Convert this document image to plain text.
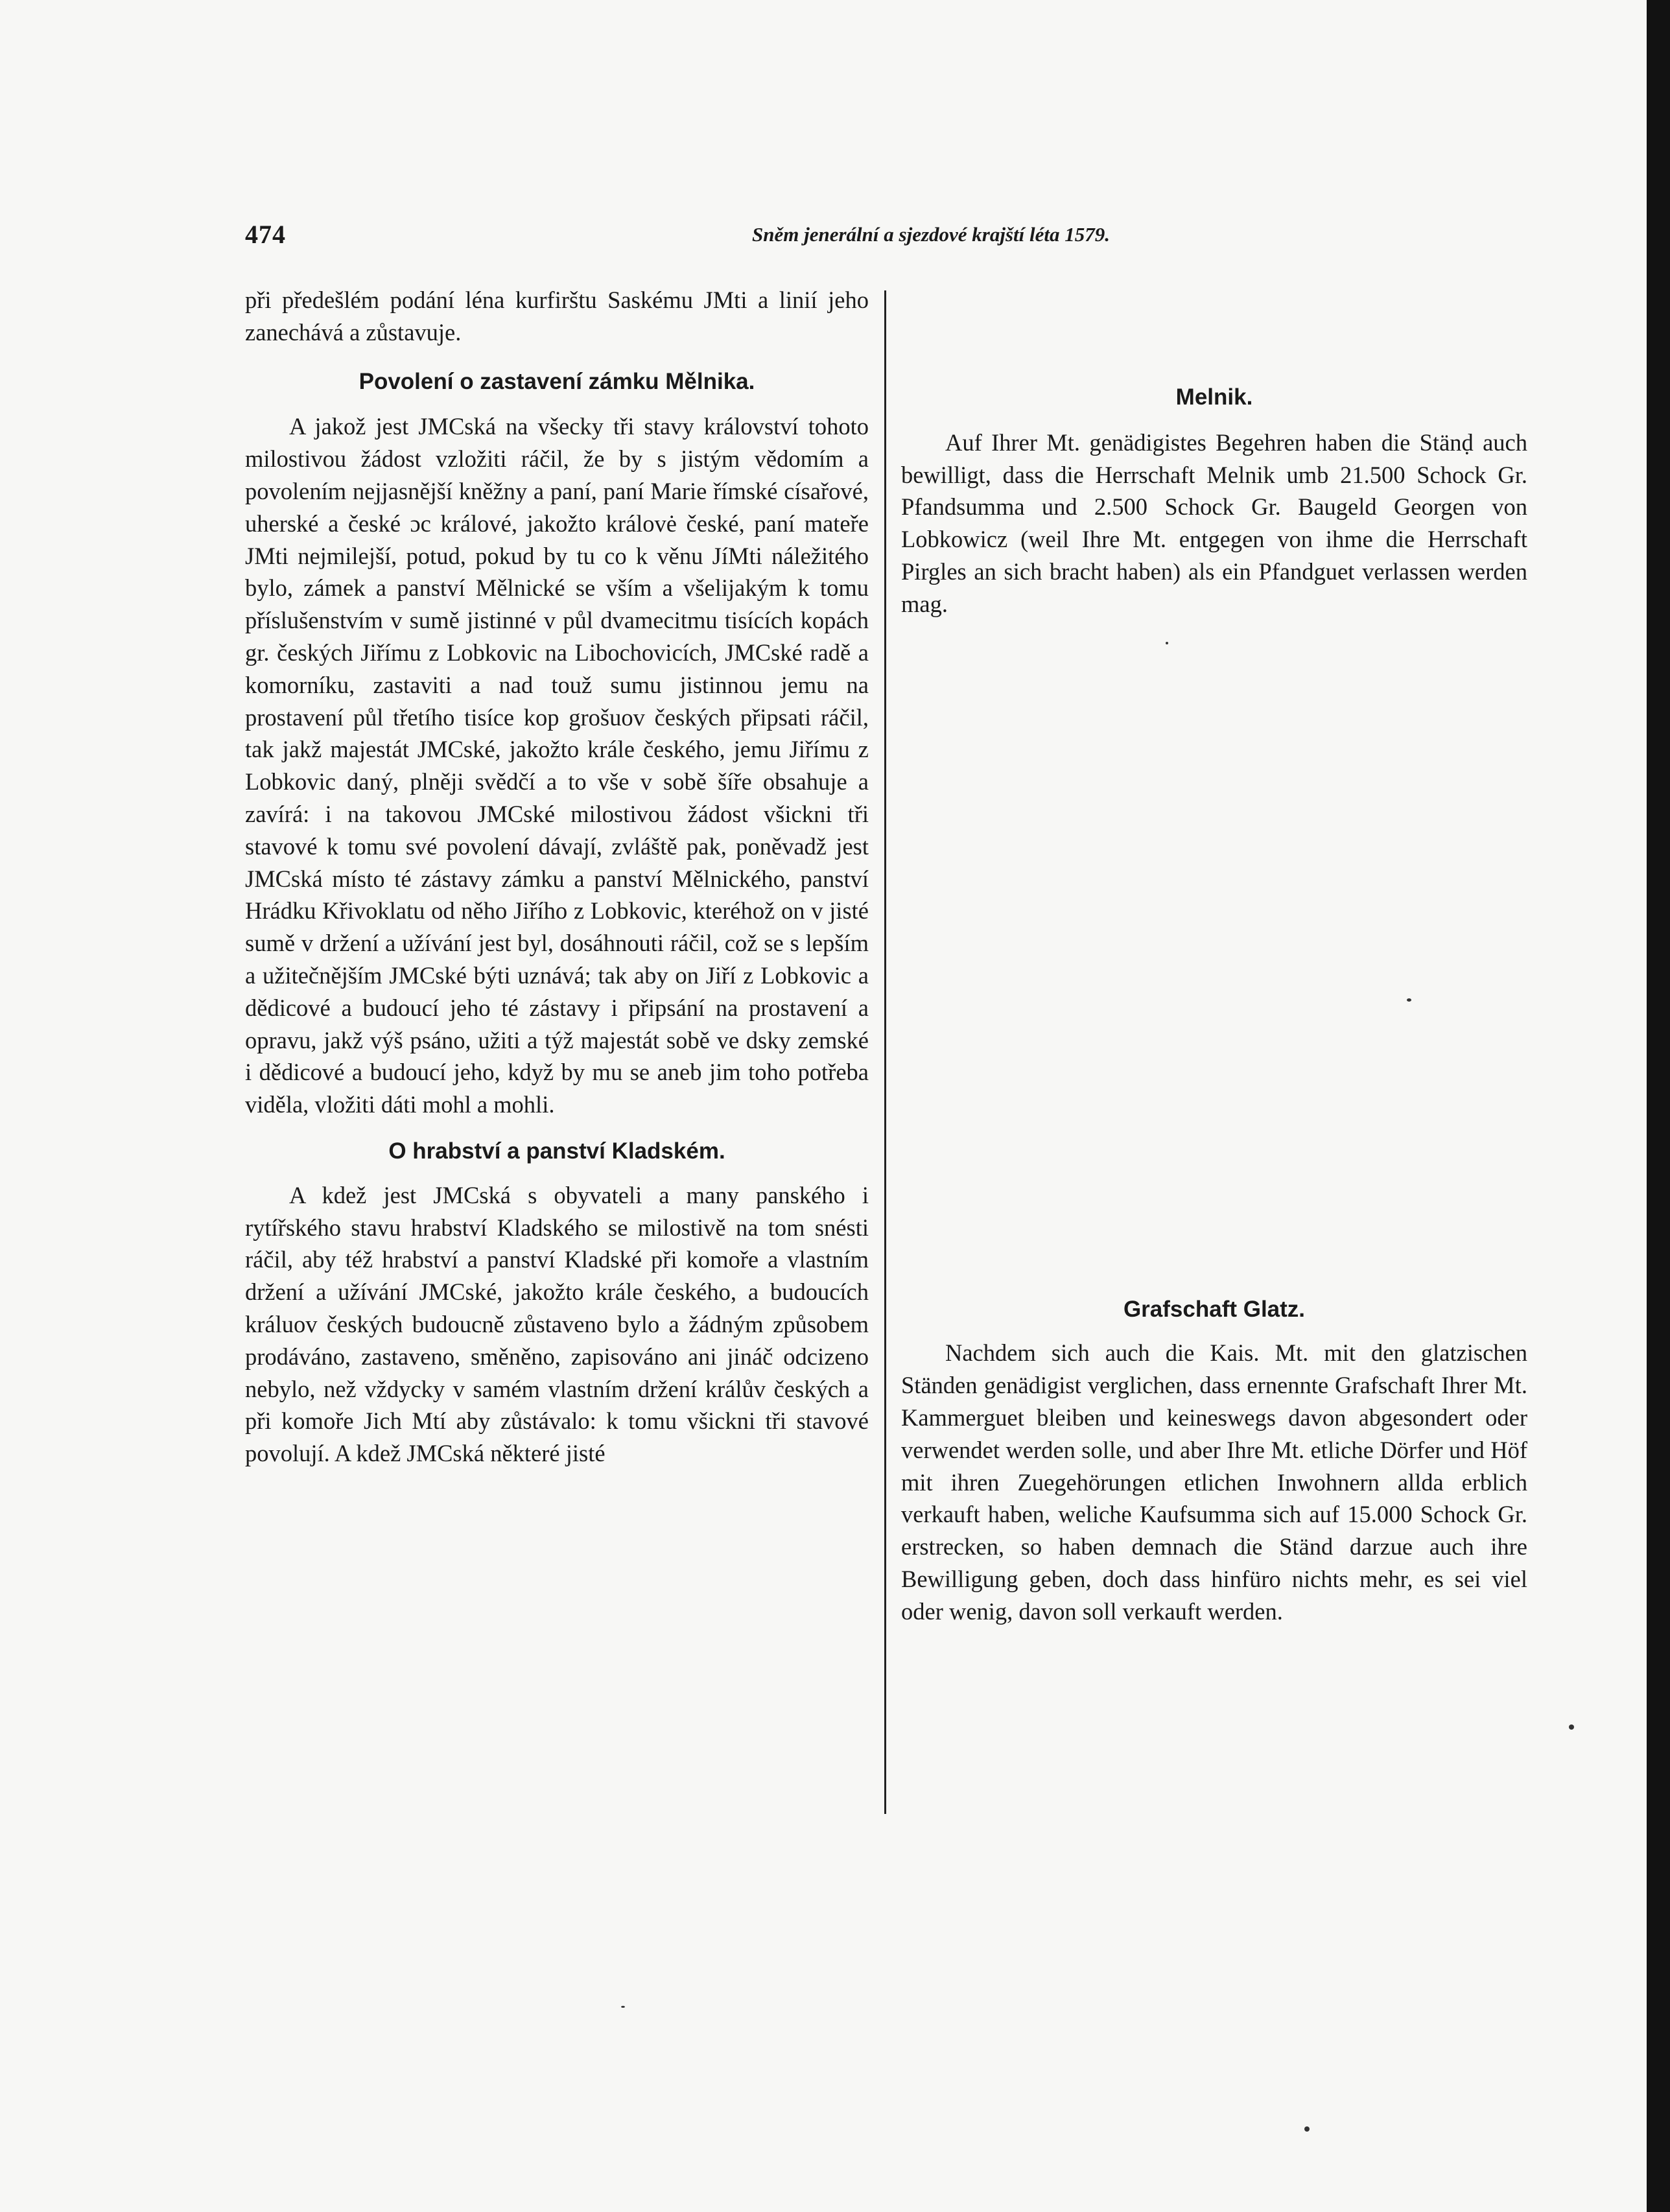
474	Sněm jenerální a sjezdové krajští léta 1579.

při předešlém podání léna kurfirštu Saskému JMti a linií jeho zanechává a zůstavuje.

Povolení o zastavení zámku Mělnika.

A jakož jest JMCská na všecky tři stavy království tohoto milostivou žádost vzložiti ráčil, že by s jistým vědomím a povolením nejjasnější kněžny a paní, paní Marie římské císařové, uherské a české ɔc králové, jakožto královė české, paní mateře JMti nejmilejší, potud, pokud by tu co k věnu JíMti náležitého bylo, zámek a panství Mělnické se vším a všelijakým k tomu příslušenstvím v sumě jistinné v půl dvamecitmu tisících kopách gr. českých Jiřímu z Lobkovic na Libochovicích, JMCské radě a komorníku, zastaviti a nad touž sumu jistinnou jemu na prostavení půl třetího tisíce kop grošuov českých připsati ráčil, tak jakž majestát JMCské, jakožto krále českého, jemu Jiřímu z Lobkovic daný, plněji svědčí a to vše v sobě šíře obsahuje a zavírá: i na takovou JMCské milostivou žádost všickni tři stavové k tomu své povolení dávají, zvláště pak, poněvadž jest JMCská místo té zástavy zámku a panství Mělnického, panství Hrádku Křivoklatu od něho Jiřího z Lobkovic, kteréhož on v jisté sumě v držení a užívání jest byl, dosáhnouti ráčil, což se s lepším a užitečnějším JMCské býti uznává; tak aby on Jiří z Lobkovic a dědicové a budoucí jeho té zástavy i připsání na prostavení a opravu, jakž výš psáno, užiti a týž majestát sobě ve dsky zemské i dědicové a budoucí jeho, když by mu se aneb jim toho potřeba viděla, vložiti dáti mohl a mohli.

O hrabství a panství Kladském.

A kdež jest JMCská s obyvateli a many panského i rytířského stavu hrabství Kladského se milostivě na tom snésti ráčil, aby též hrabství a panství Kladské při komoře a vlastním držení a užívání JMCské, jakožto krále českého, a budoucích králuov českých budoucně zůstaveno bylo a žádným způsobem prodáváno, zastaveno, směněno, zapisováno ani jináč odcizeno nebylo, než vždycky v samém vlastním držení králův českých a při komoře Jich Mtí aby zůstávalo: k tomu všickni tři stavové povolují. A kdež JMCská některé jisté

Melnik.

Auf Ihrer Mt. genädigistes Begehren haben die Stänḍ auch bewilligt, dass die Herrschaft Melnik umb 21.500 Schock Gr. Pfandsumma und 2.500 Schock Gr. Baugeld Georgen von Lobkowicz (weil Ihre Mt. entgegen von ihme die Herrschaft Pirgles an sich bracht haben) als ein Pfandguet verlassen werden mag.

Grafschaft Glatz.

Nachdem sich auch die Kais. Mt. mit den glatzischen Ständen genädigist verglichen, dass ernennte Grafschaft Ihrer Mt. Kammerguet bleiben und keineswegs davon abgesondert oder verwendet werden solle, und aber Ihre Mt. etliche Dörfer und Höf mit ihren Zuegehörungen etlichen Inwohnern allda erblich verkauft haben, weliche Kaufsumma sich auf 15.000 Schock Gr. erstrecken, so haben demnach die Ständ darzue auch ihre Bewilligung geben, doch dass hinfüro nichts mehr, es sei viel oder wenig, davon soll verkauft werden.
